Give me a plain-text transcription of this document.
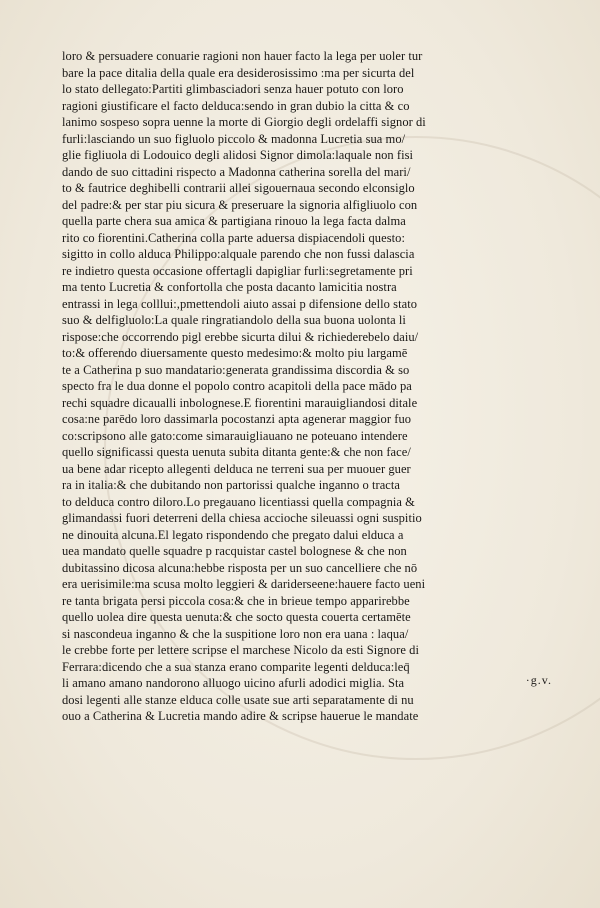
loro & persuadere conuarie ragioni non hauer facto la lega per uoler tur
bare la pace ditalia della quale era desiderosissimo :ma per sicurta del
lo stato dellegato:Partiti glimbasciadori senza hauer potuto con loro
ragioni giustificare el facto delduca:sendo in gran dubio la citta & co
lanimo sospeso sopra uenne la morte di Giorgio degli ordelaffi signor di
furli:lasciando un suo figluolo piccolo & madonna Lucretia sua mo/
glie figliuola di Lodouico degli alidosi Signor dimola:laquale non fisi
dando de suo cittadini rispecto a Madonna catherina sorella del mari/
to & fautrice deghibelli contrarii allei sigouernaua secondo elconsiglo
del padre:& per star piu sicura & preseruare la signoria alfigliuolo con
quella parte chera sua amica & partigiana rinouo la lega facta dalma
rito co fiorentini.Catherina colla parte aduersa dispiacendoli questo:
sigitto in collo alduca Philippo:alquale parendo che non fussi dalasciа
re indietro questa occasione offertagli dapigliar furli:segretamente pri
ma tento Lucretia & confortolla che posta dacanto lamicitia nostra
entrassi in lega colllui:,pmettendoli aiuto assai p difensione dello stato
suo & delfigluolo:La quale ringratiandolo della sua buona uolonta li
rispose:che occorrendo pigl erebbe sicurta dilui & richiederebelo daiu/
to:& offerendo diuersamente questo medesimo:& molto piu largamē
te a Catherina p suo mandatario:generata grandissima discordia & so
specto fra le dua donne el popolo contro acapitoli della pace mādo pa
rechi squadre dicaualli inbolognese.E fiorentini marauigliandosi ditale
cosa:ne parēdo loro dassimarla pocostanzi apta agenerar maggior fuo
co:scripsono alle gato:come simarauigliauano ne poteuano intendere
quello significassi questa uenuta subita ditanta gente:& che non face/
ua bene adar ricepto allegenti delduca ne terreni sua per muouer guer
ra in italia:& che dubitando non partorissi qualche inganno o tracta
to delduca contro diloro.Lo pregauano licentiassi quella compagnia &
glimandassi fuori deterreni della chiesa accioche sileuassi ogni suspitio
ne dinouita alcuna.El legato rispondendo che pregato dalui elduca a
uea mandato quelle squadre p racquistar castel bolognese & che non
dubitassino dicosa alcuna:hebbe risposta per un suo cancelliere che nō
era uerisimile:ma scusa molto leggieri & dariderseene:hauere facto ueni
re tanta brigata persi piccola cosa:& che in brieue tempo apparirebbe
quello uolea dire questa uenuta:& che socto questa couerta certamēte
si nascondeua inganno & che la suspitione loro non era uana : laqua/
le crebbe forte per lettere scripse el marchese Nicolo da esti Signore di
Ferrara:dicendo che a sua stanza erano comparite legenti delduca:leq̄
li amano amano nandorono alluogo uicino afurli adodici miglia. Sta
dosi legenti alle stanze elduca colle usate sue arti separatamente di nu
ouo a Catherina & Lucretia mando adire & scripse hauerue le mandate
·g.v.
